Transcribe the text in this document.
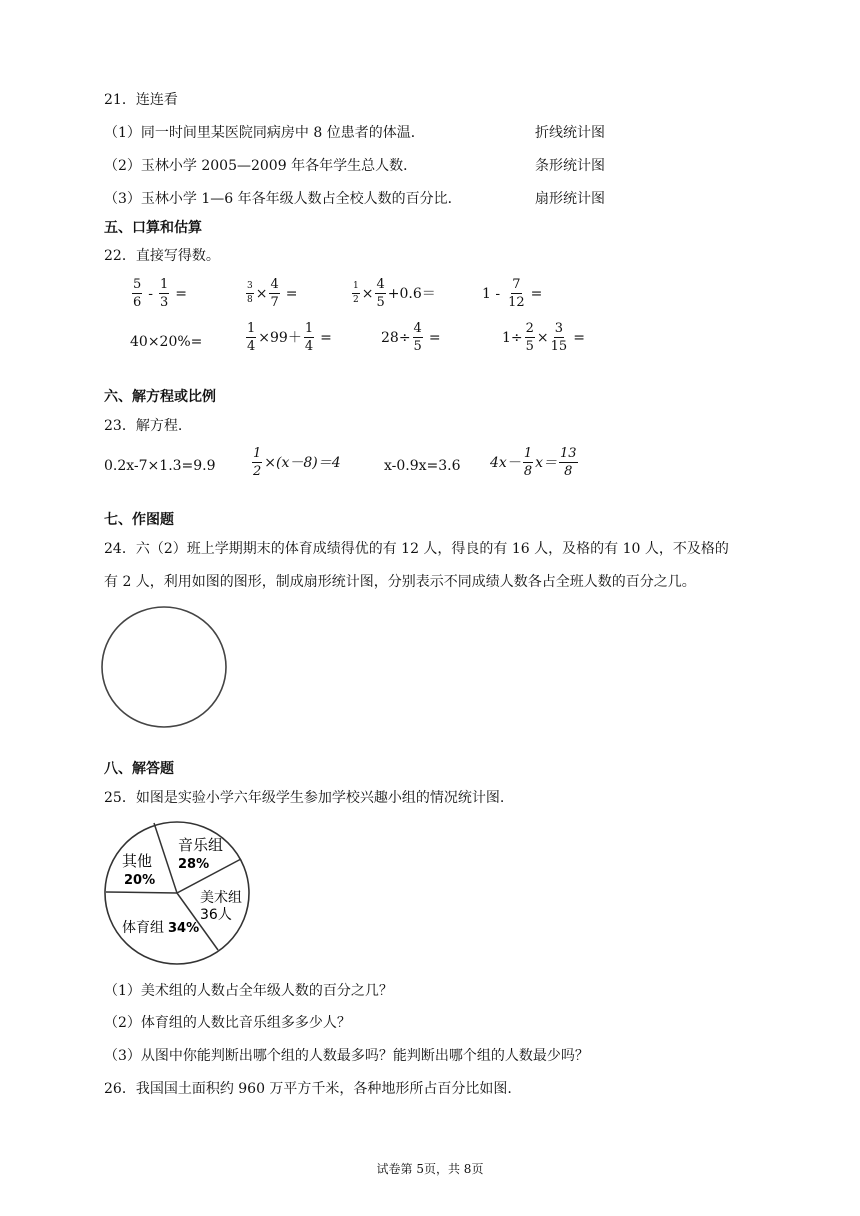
21．连连看
（1）同一时间里某医院同病房中 8 位患者的体温．	折线统计图
（2）玉林小学 2005—2009 年各年学生总人数．	条形统计图
（3）玉林小学 1—6 年各年级人数占全校人数的百分比．	扇形统计图
五、口算和估算
22．直接写得数。
$\frac{5}{6} - \frac{1}{3}$ =	$\frac{3}{8} \times \frac{4}{7}$ =	$\frac{1}{2} \times \frac{4}{5} +0.6=$	$1 - \frac{7}{12}$ =
40×20%=	$\frac{1}{4} \times 99+ \frac{1}{4}$ =	$28\div \frac{4}{5}$ =	$1\div \frac{2}{5} \times \frac{3}{15}$ =
六、解方程或比例
23．解方程.
0.2x-7×1.3=9.9	$\frac{1}{2} \times(x-8)=4$	x-0.9x=3.6 $4x- \frac{1}{8} x= \frac{13}{8}$
七、作图题
24．六（2）班上学期期末的体育成绩得优的有 12 人，得良的有 16 人，及格的有 10 人，不及格的
有 2 人，利用如图的图形，制成扇形统计图，分别表示不同成绩人数各占全班人数的百分之几。
八、解答题
25．如图是实验小学六年级学生参加学校兴趣小组的情况统计图.
音乐组
28%
其他
20%
美术组
36人
体育组 34%
（1）美术组的人数占全年级人数的百分之几？
（2）体育组的人数比音乐组多多少人？
（3）从图中你能判断出哪个组的人数最多吗？能判断出哪个组的人数最少吗？
26．我国国土面积约 960 万平方千米，各种地形所占百分比如图.
试卷第 5页，共 8页
